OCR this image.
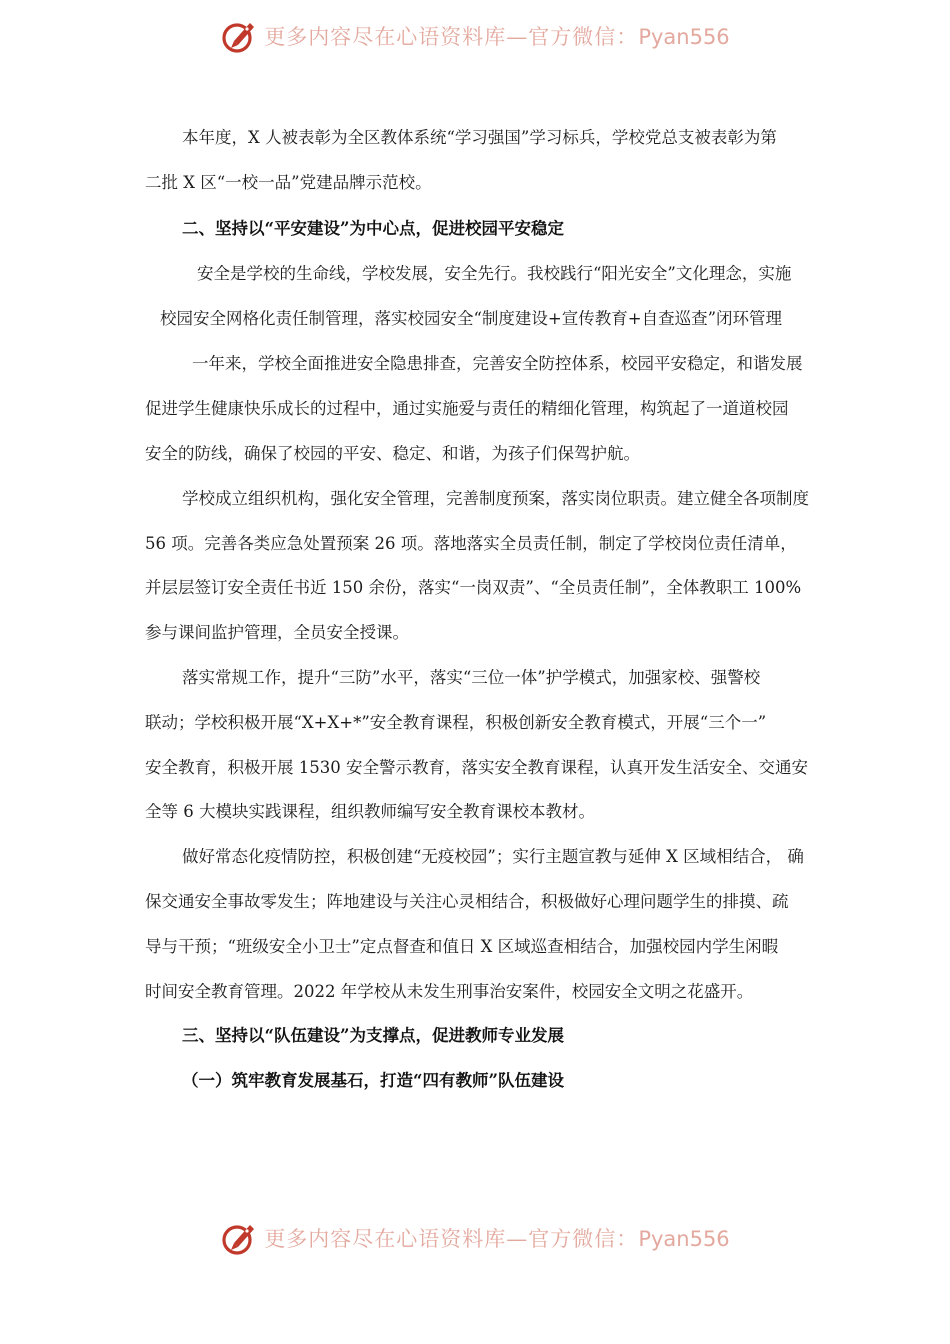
更多内容尽在心语资料库—官方微信：Pyan556
本年度，X 人被表彰为全区教体系统“学习强国”学习标兵，学校党总支被表彰为第
二批 X 区“一校一品”党建品牌示范校。
二、坚持以“平安建设”为中心点，促进校园平安稳定
安全是学校的生命线，学校发展，安全先行。我校践行“阳光安全”文化理念，实施
校园安全网格化责任制管理，落实校园安全“制度建设+宣传教育+自查巡查”闭环管理
一年来，学校全面推进安全隐患排查，完善安全防控体系，校园平安稳定，和谐发展
促进学生健康快乐成长的过程中，通过实施爱与责任的精细化管理，构筑起了一道道校园
安全的防线，确保了校园的平安、稳定、和谐，为孩子们保驾护航。
学校成立组织机构，强化安全管理，完善制度预案，落实岗位职责。建立健全各项制度
56 项。完善各类应急处置预案 26 项。落地落实全员责任制，制定了学校岗位责任清单，
并层层签订安全责任书近 150 余份，落实“一岗双责”、“全员责任制”，全体教职工 100%
参与课间监护管理，全员安全授课。
落实常规工作，提升“三防”水平，落实“三位一体”护学模式，加强家校、强警校
联动；学校积极开展“X+X+*”安全教育课程，积极创新安全教育模式，开展“三个一”
安全教育，积极开展 1530 安全警示教育，落实安全教育课程，认真开发生活安全、交通安
全等 6 大模块实践课程，组织教师编写安全教育课校本教材。
做好常态化疫情防控，积极创建“无疫校园”；实行主题宣教与延伸 X 区域相结合， 确
保交通安全事故零发生；阵地建设与关注心灵相结合，积极做好心理问题学生的排摸、疏
导与干预；“班级安全小卫士”定点督查和值日 X 区域巡查相结合，加强校园内学生闲暇
时间安全教育管理。2022 年学校从未发生刑事治安案件，校园安全文明之花盛开。
三、坚持以“队伍建设”为支撑点，促进教师专业发展
（一）筑牢教育发展基石，打造“四有教师”队伍建设
更多内容尽在心语资料库—官方微信：Pyan556
